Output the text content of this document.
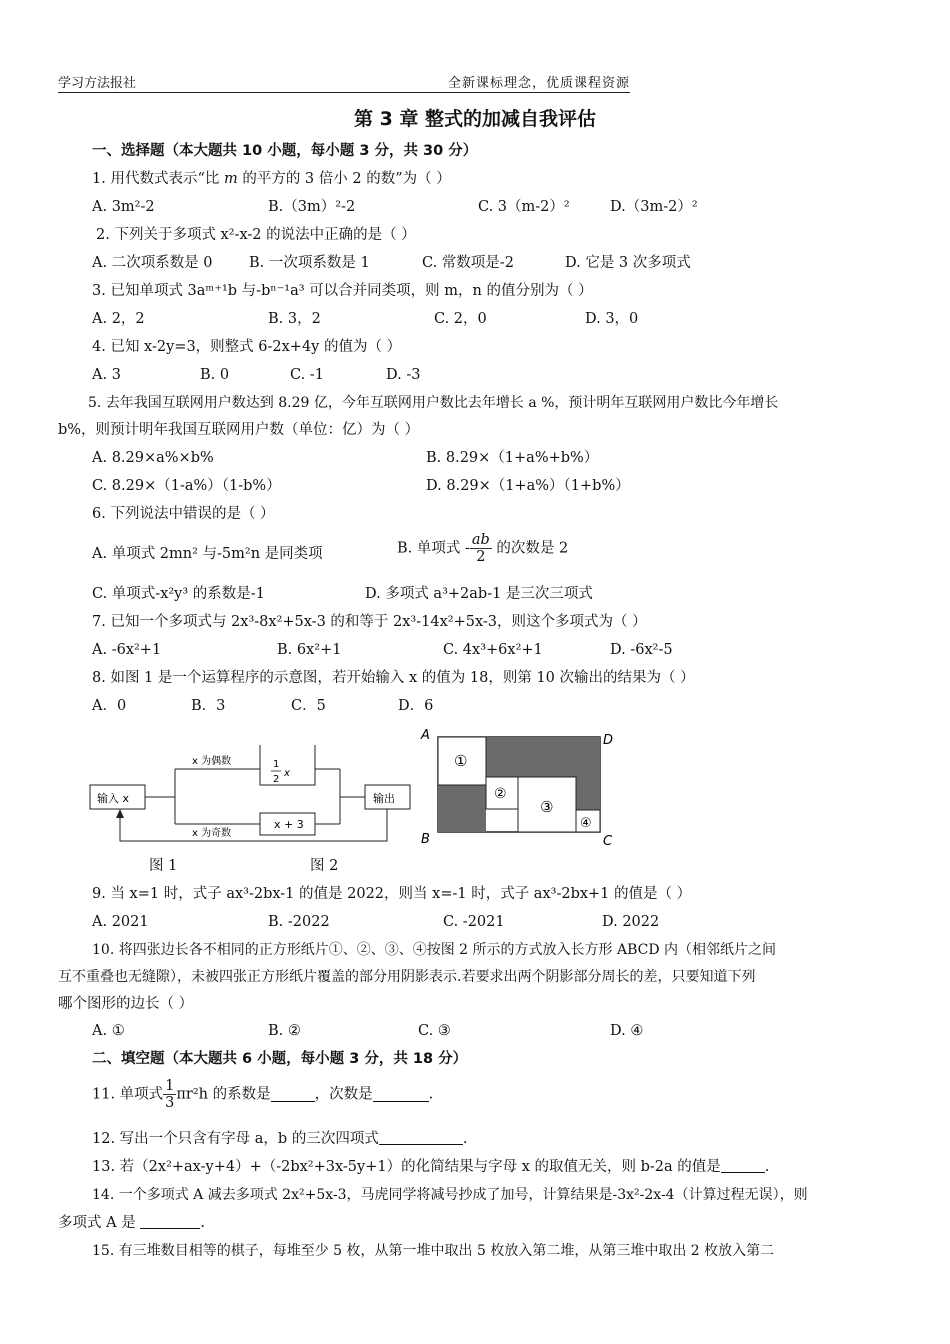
学习方法报社	全新课标理念，优质课程资源
第 3 章 整式的加减自我评估
一、选择题（本大题共 10 小题，每小题 3 分，共 30 分）
1. 用代数式表示“比 m 的平方的 3 倍小 2 的数”为（ ）
A. 3m²-2	B.（3m）²-2	C. 3（m-2）²	D.（3m-2）²
2. 下列关于多项式 x²-x-2 的说法中正确的是（ ）
A. 二次项系数是 0	B. 一次项系数是 1	C. 常数项是-2	D. 它是 3 次多项式
3. 已知单项式 3aᵐ⁺¹b 与-bⁿ⁻¹a³ 可以合并同类项，则 m，n 的值分别为（ ）
A. 2，2	B. 3，2	C. 2，0	D. 3，0
4. 已知 x-2y=3，则整式 6-2x+4y 的值为（ ）
A. 3	B. 0	C. -1	D. -3
5. 去年我国互联网用户数达到 8.29 亿，今年互联网用户数比去年增长 a %，预计明年互联网用户数比今年增长
b%，则预计明年我国互联网用户数（单位：亿）为（ ）
A. 8.29×a%×b%	B. 8.29×（1+a%+b%）
C. 8.29×（1-a%）（1-b%）	D. 8.29×（1+a%）（1+b%）
6. 下列说法中错误的是（ ）
A. 单项式 2mn² 与-5m²n 是同类项	B. 单项式 - $\frac{ab}{2}$ 的次数是 2
C. 单项式-x²y³ 的系数是-1	D. 多项式 a³+2ab-1 是三次三项式
7. 已知一个多项式与 2x³-8x²+5x-3 的和等于 2x³-14x²+5x-3，则这个多项式为（ ）
A. -6x²+1	B. 6x²+1	C. 4x³+6x²+1	D. -6x²-5
8. 如图 1 是一个运算程序的示意图，若开始输入 x 的值为 18，则第 10 次输出的结果为（ ）
A．0	B．3	C．5	D．6
输入 x	输出
x 为偶数
x 为奇数
1
2
x
x + 3
图 1
A
B	C
D
①
②
③
④
图 2
9. 当 x=1 时，式子 ax³-2bx-1 的值是 2022，则当 x=-1 时，式子 ax³-2bx+1 的值是（ ）
A. 2021	B. -2022	C. -2021	D. 2022
10. 将四张边长各不相同的正方形纸片①、②、③、④按图 2 所示的方式放入长方形 ABCD 内（相邻纸片之间
互不重叠也无缝隙），未被四张正方形纸片覆盖的部分用阴影表示.若要求出两个阴影部分周长的差，只要知道下列
哪个图形的边长（ ）
A. ①	B. ②	C. ③	D. ④
二、填空题（本大题共 6 小题，每小题 3 分，共 18 分）
11. 单项式 $\frac{1}{3} \pi r^2h$ 的系数是	，次数是	.
12. 写出一个只含有字母 a，b 的三次四项式	.
13. 若（2x²+ax-y+4）+（-2bx²+3x-5y+1）的化简结果与字母 x 的取值无关，则 b-2a 的值是	.
14. 一个多项式 A 减去多项式 2x²+5x-3，马虎同学将减号抄成了加号，计算结果是-3x²-2x-4（计算过程无误），则
多项式 A 是	.
15. 有三堆数目相等的棋子，每堆至少 5 枚，从第一堆中取出 5 枚放入第二堆，从第三堆中取出 2 枚放入第二
